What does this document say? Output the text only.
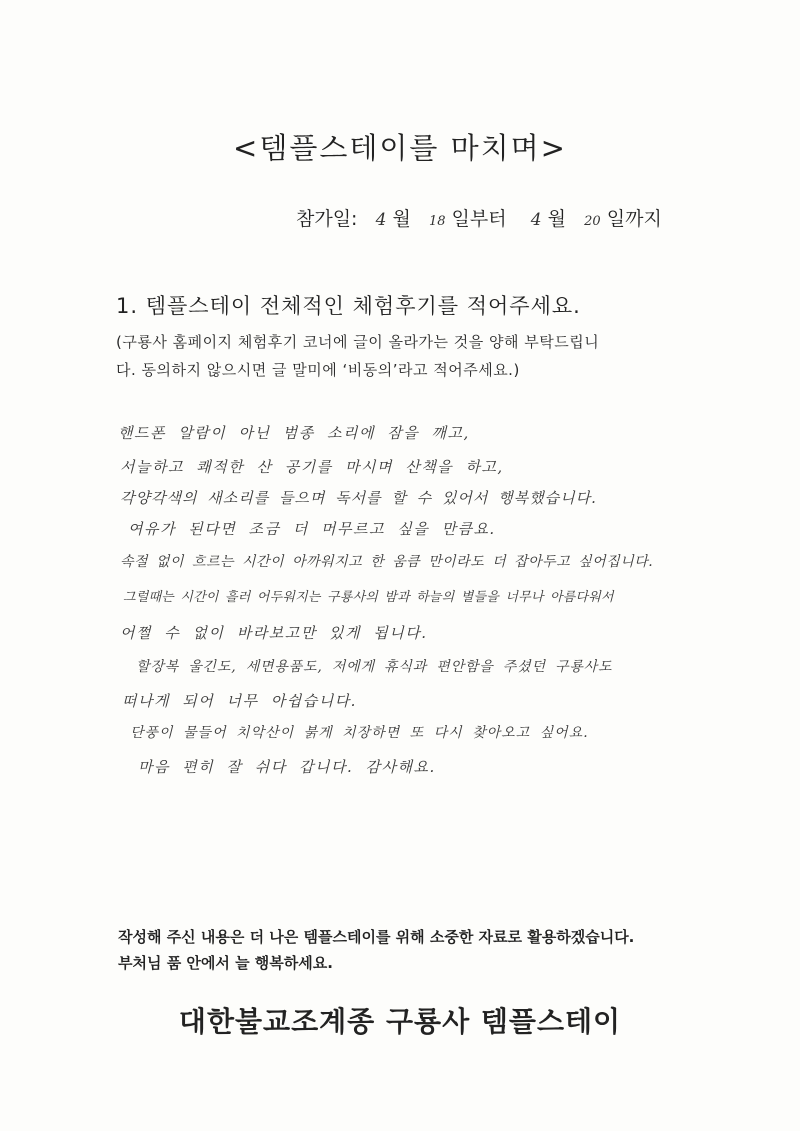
<템플스테이를 마치며>
참가일: 4 월 18 일부터 4 월 20 일까지
1. 템플스테이 전체적인 체험후기를 적어주세요.
(구룡사 홈페이지 체험후기 코너에 글이 올라가는 것을 양해 부탁드립니
다. 동의하지 않으시면 글 말미에 ‘비동의’라고 적어주세요.)
핸드폰 알람이 아닌 범종 소리에 잠을 깨고,
서늘하고 쾌적한 산 공기를 마시며 산책을 하고,
각양각색의 새소리를 들으며 독서를 할 수 있어서 행복했습니다.
여유가 된다면 조금 더 머무르고 싶을 만큼요.
속절 없이 흐르는 시간이 아까워지고 한 움큼 만이라도 더 잡아두고 싶어집니다.
그럴때는 시간이 흘러 어두워지는 구룡사의 밤과 하늘의 별들을 너무나 아름다워서
어쩔 수 없이 바라보고만 있게 됩니다.
할장복 울긴도, 세면용품도, 저에게 휴식과 편안함을 주셨던 구룡사도
떠나게 되어 너무 아쉽습니다.
단풍이 물들어 치악산이 붉게 치장하면 또 다시 찾아오고 싶어요.
마음 편히 잘 쉬다 갑니다. 감사해요.
작성해 주신 내용은 더 나은 템플스테이를 위해 소중한 자료로 활용하겠습니다.
부처님 품 안에서 늘 행복하세요.
대한불교조계종 구룡사 템플스테이
